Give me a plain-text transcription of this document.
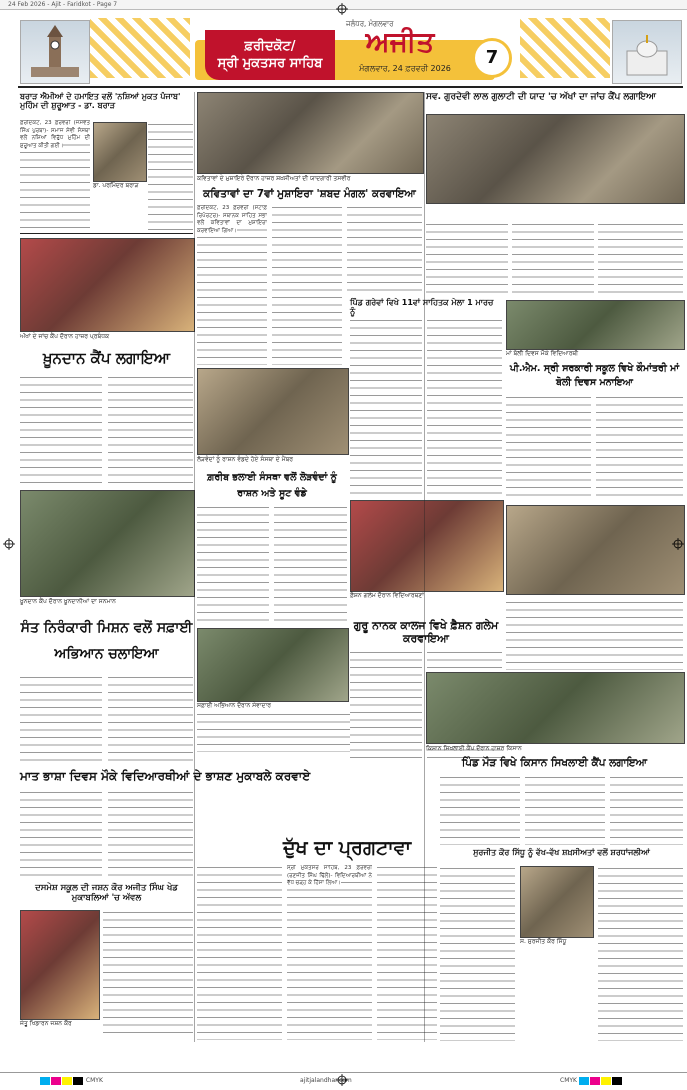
24 Feb 2026 - Ajit - Faridkot - Page 7
ਫ਼ਰੀਦਕੋਟ/
ਸ੍ਰੀ ਮੁਕਤਸਰ ਸਾਹਿਬ
ਜਲੰਧਰ, ਮੰਗਲਵਾਰ
ਅਜੀਤ
ਮੰਗਲਵਾਰ, 24 ਫ਼ਰਵਰੀ 2026
7
ਬਰਾੜ ਐਮੀਆਂ ਦੇ ਹਮਾਇਤ ਵਲੋਂ 'ਨਸ਼ਿਆਂ ਮੁਕਤ ਪੰਜਾਬ' ਮੁਹਿੰਮ ਦੀ ਸ਼ੁਰੂਆਤ - ਡਾ. ਬਰਾੜ
ਫ਼ਰੀਦਕੋਟ, 23 ਫ਼ਰਵਰੀ (ਜਸਵੰਤ ਸਿੰਘ ਪੁਰਬਾ)- ਸਮਾਜ ਸੇਵੀ ਸੰਸਥਾ ਵਲੋਂ ਨਸ਼ਿਆਂ ਵਿਰੁੱਧ ਮੁਹਿੰਮ ਦੀ ਸ਼ੁਰੂਆਤ ਕੀਤੀ ਗਈ।
ਡਾ. ਪਰਮਿੰਦਰ ਬਰਾੜ
ਅੱਖਾਂ ਦੇ ਜਾਂਚ ਕੈਂਪ ਦੌਰਾਨ ਹਾਜ਼ਰ ਪ੍ਰਬੰਧਕ
ਖ਼ੂਨਦਾਨ ਕੈਂਪ ਲਗਾਇਆ
ਖ਼ੂਨਦਾਨ ਕੈਂਪ ਦੌਰਾਨ ਖ਼ੂਨਦਾਨੀਆਂ ਦਾ ਸਨਮਾਨ
ਸੰਤ ਨਿਰੰਕਾਰੀ ਮਿਸ਼ਨ ਵਲੋਂ ਸਫ਼ਾਈ ਅਭਿਆਨ ਚਲਾਇਆ
ਮਾਤ ਭਾਸ਼ਾ ਦਿਵਸ ਮੌਕੇ ਵਿਦਿਆਰਥੀਆਂ ਦੇ ਭਾਸ਼ਣ ਮੁਕਾਬਲੇ ਕਰਵਾਏ
ਦਸਮੇਸ਼ ਸਕੂਲ ਦੀ ਜਸ਼ਨ ਕੌਰ ਅਜੀਤ ਸਿੰਘ ਖੇਡ ਮੁਕਾਬਲਿਆਂ 'ਚ ਅੱਵਲ
ਜੇਤੂ ਖਿਡਾਰਨ ਜਸ਼ਨ ਕੌਰ
ਕਵਿਤਾਵਾਂ ਦੇ ਮੁਸ਼ਾਇਰੇ ਦੌਰਾਨ ਹਾਜ਼ਰ ਸ਼ਖ਼ਸੀਅਤਾਂ ਦੀ ਯਾਦਗਾਰੀ ਤਸਵੀਰ
ਕਵਿਤਾਵਾਂ ਦਾ 7ਵਾਂ ਮੁਸ਼ਾਇਰਾ 'ਸ਼ਬਦ ਮੰਗਲ' ਕਰਵਾਇਆ
ਫ਼ਰੀਦਕੋਟ, 23 ਫ਼ਰਵਰੀ (ਸਟਾਫ਼ ਰਿਪੋਰਟਰ)- ਸਥਾਨਕ ਸਾਹਿਤ ਸਭਾ ਵਲੋਂ ਕਵਿਤਾਵਾਂ ਦਾ ਮੁਸ਼ਾਇਰਾ ਕਰਵਾਇਆ ਗਿਆ।
ਲੋੜਵੰਦਾਂ ਨੂੰ ਰਾਸ਼ਨ ਵੰਡਦੇ ਹੋਏ ਸੰਸਥਾ ਦੇ ਮੈਂਬਰ
ਗ਼ਰੀਬ ਭਲਾਈ ਸੰਸਥਾ ਵਲੋਂ ਲੋੜਵੰਦਾਂ ਨੂੰ ਰਾਸ਼ਨ ਅਤੇ ਸੂਟ ਵੰਡੇ
ਸਫ਼ਾਈ ਅਭਿਆਨ ਦੌਰਾਨ ਸੇਵਾਦਾਰ
ਪਿੰਡ ਗਰੇਵਾਂ ਵਿਖੇ 11ਵਾਂ ਸਾਹਿਤਕ ਮੇਲਾ 1 ਮਾਰਚ ਨੂੰ
ਫ਼ੈਸ਼ਨ ਗਲੇਮ ਦੌਰਾਨ ਵਿਦਿਆਰਥਣਾਂ
ਗੁਰੂ ਨਾਨਕ ਕਾਲਜ ਵਿਖੇ ਫ਼ੈਸ਼ਨ ਗਲੇਮ ਕਰਵਾਇਆ
ਦੁੱਖ ਦਾ ਪ੍ਰਗਟਾਵਾ
ਸ੍ਰੀ ਮੁਕਤਸਰ ਸਾਹਿਬ, 23 ਫ਼ਰਵਰੀ (ਰਣਜੀਤ ਸਿੰਘ ਢਿੱਲੋਂ)- ਵਿਦਿਆਰਥੀਆਂ ਨੇ ਵੱਧ ਚੜ੍ਹ ਕੇ ਹਿੱਸਾ ਲਿਆ।
ਸਵ. ਗੁਰਦੇਵੀ ਲਾਲ ਗੁਲਾਟੀ ਦੀ ਯਾਦ 'ਚ ਅੱਖਾਂ ਦਾ ਜਾਂਚ ਕੈਂਪ ਲਗਾਇਆ
ਮਾਂ ਬੋਲੀ ਦਿਵਸ ਮੌਕੇ ਵਿਦਿਆਰਥੀ
ਪੀ.ਐਮ. ਸ੍ਰੀ ਸਰਕਾਰੀ ਸਕੂਲ ਵਿਖੇ ਕੌਮਾਂਤਰੀ ਮਾਂ ਬੋਲੀ ਦਿਵਸ ਮਨਾਇਆ
ਕਿਸਾਨ ਸਿਖਲਾਈ ਕੈਂਪ ਦੌਰਾਨ ਹਾਜ਼ਰ ਕਿਸਾਨ
ਪਿੰਡ ਮੌੜ ਵਿਖੇ ਕਿਸਾਨ ਸਿਖਲਾਈ ਕੈਂਪ ਲਗਾਇਆ
ਸੁਰਜੀਤ ਕੌਰ ਸਿੱਧੂ ਨੂੰ ਵੱਖ-ਵੱਖ ਸ਼ਖ਼ਸੀਅਤਾਂ ਵਲੋਂ ਸ਼ਰਧਾਂਜਲੀਆਂ
ਸ. ਸੁਰਜੀਤ ਕੌਰ ਸਿੱਧੂ
CMYK	ajitjalandhar.com	CMYK
